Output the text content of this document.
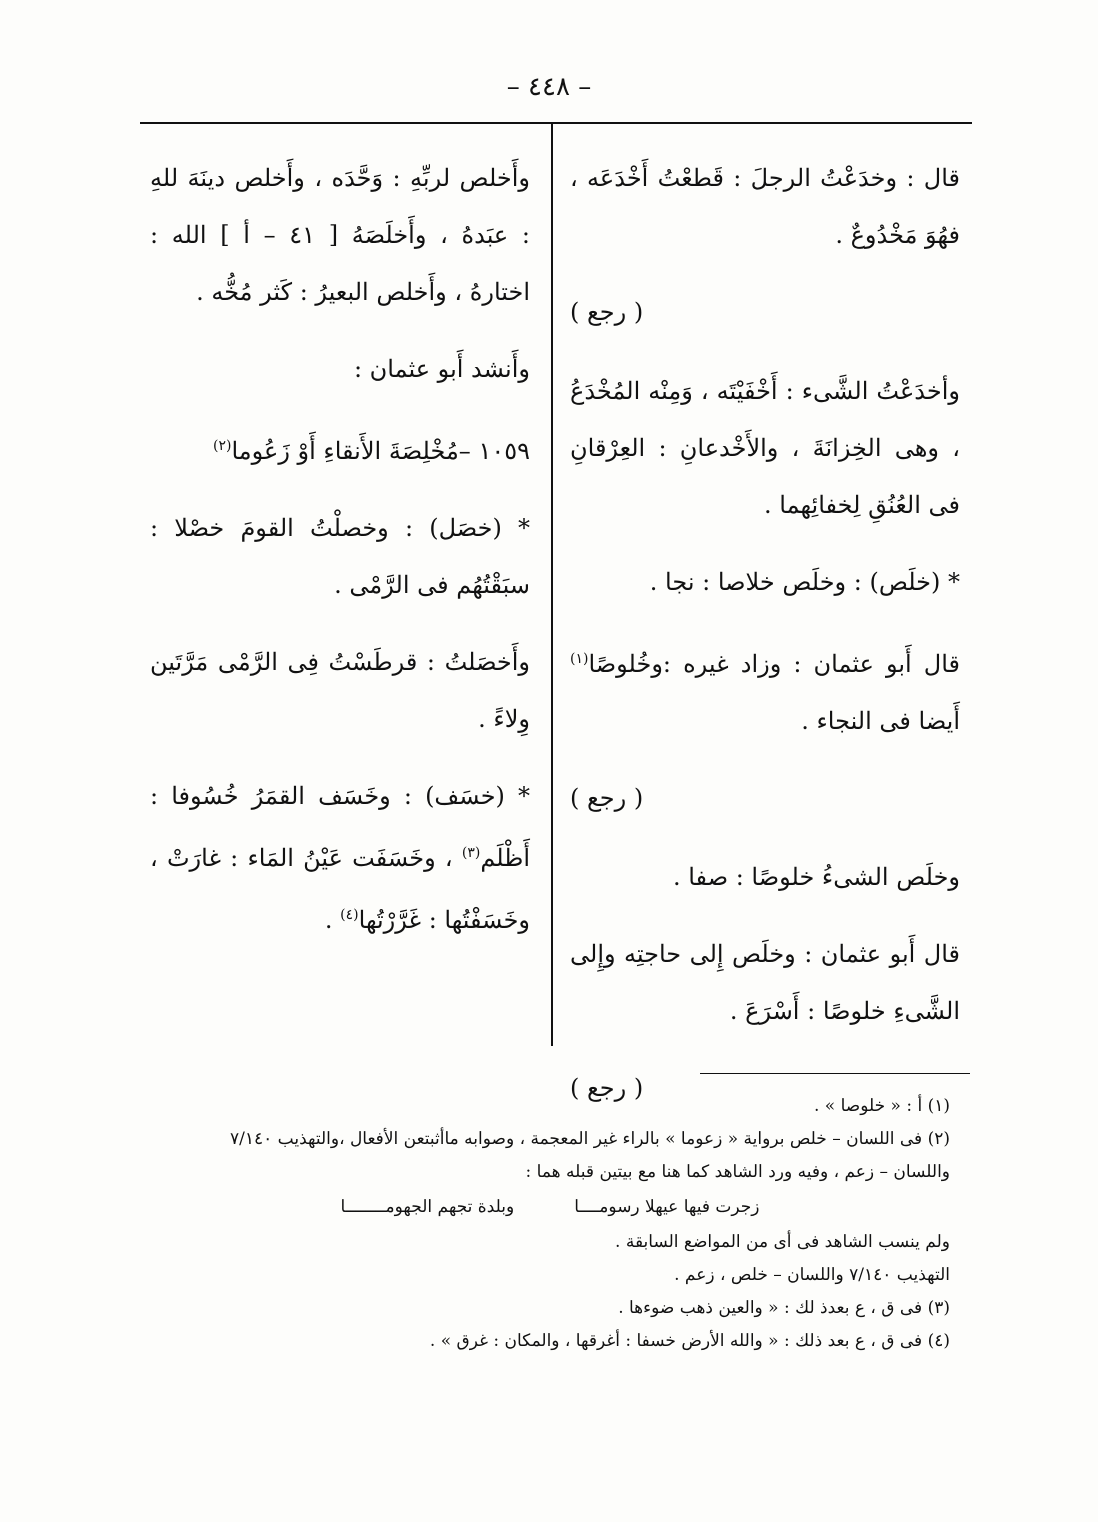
– ٤٤٨ –

قال : وخدَعْتُ الرجلَ : قَطعْتُ أَخْدَعَه ، فهُوَ مَخْدُوعٌ .

( رجع )

وأخدَعْتُ الشَّىء : أَخْفَيْتَه ، وَمِنْه المُخْدَعُ ، وهى الخِزانَةَ ، والأَخْدعانِ : العِرْقانِ فى العُنُقِ لِخفائِهما .

* (خلَص) : وخلَص خلاصا : نجا .

قال أَبو عثمان : وزاد غيره :وخُلوصًا$^{(١)}$ أَيضا فى النجاء .

( رجع )

وخلَص الشىءُ خلوصًا : صفا .

قال أَبو عثمان : وخلَص إِلى حاجتِه وإِلى الشَّىءِ خلوصًا : أَسْرَعَ .

( رجع )

وأَخلص لربِّهِ : وَحَّدَه ، وأَخلص دينَهَ للهِ : عبَدهُ ، وأَخلَصَهُ [ ٤١ – أ ] الله : اختارهُ ، وأَخلص البعيرُ : كَثر مُخُّه .

وأَنشد أَبو عثمان :

١٠٥٩ –مُخْلِصَةَ الأَنقاءِ أَوْ زَعُوما$^{(٢)}$

* (خصَل) : وخصلْتُ القومَ خصْلا : سبَقْتُهُم فى الرَّمْى .

وأَخصَلتُ : قرطَسْتُ فِى الرَّمْى مَرَّتَين وِلاءً .

* (خسَف) : وخَسَف القمَرُ خُسُوفا : أَظْلَم$^{(٣)}$ ، وخَسَفَت عَيْنُ المَاء : غارَتْ ، وخَسَفْتُها : غَرَّرْتُها$^{(٤)}$ .

(١) أ : « خلوصا » .

(٢) فى اللسان – خلص برواية « زعوما » بالراء غير المعجمة ، وصوابه ماأثبتعن الأفعال ،والتهذيب ٧/١٤٠

واللسان – زعم ، وفيه ورد الشاهد كما هنا مع بيتين قبله هما :

زجرت فيها عيهلا رسومــــا
وبلدة تجهم الجهومــــــــا

ولم ينسب الشاهد فى أى من المواضع السابقة .

التهذيب ٧/١٤٠ واللسان – خلص ، زعم .

(٣) فى ق ، ع بعدذ لك : « والعين ذهب ضوءها .

(٤) فى ق ، ع بعد ذلك : « والله الأرض خسفا : أغرقها ، والمكان : غرق » .
